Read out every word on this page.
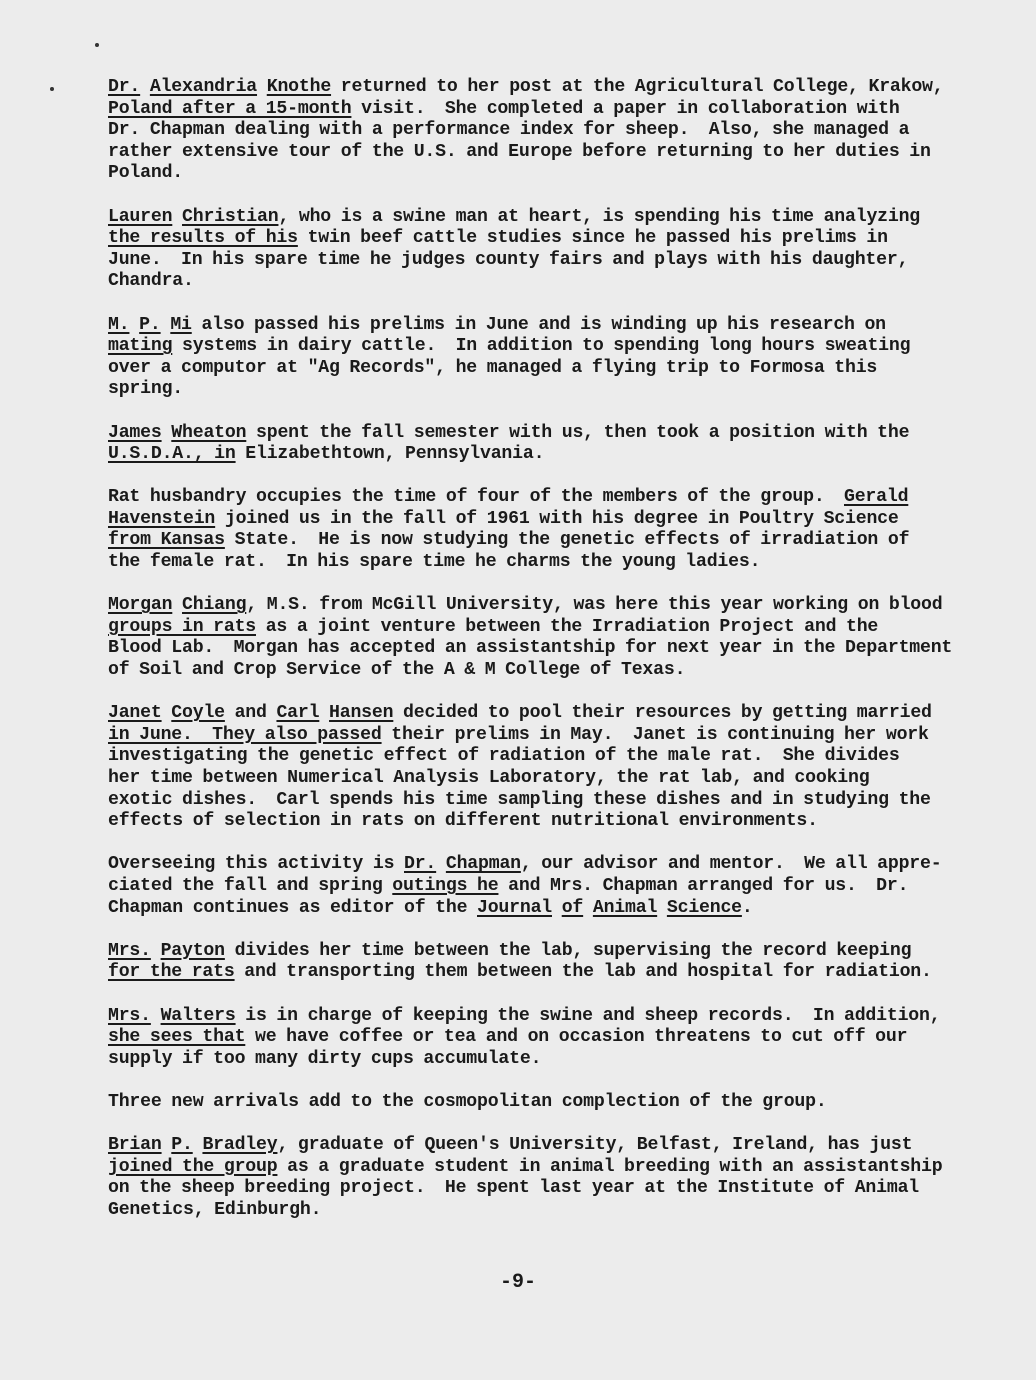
Dr. Alexandria Knothe returned to her post at the Agricultural College, Krakow,
Poland after a 15-month visit.  She completed a paper in collaboration with
Dr. Chapman dealing with a performance index for sheep.  Also, she managed a
rather extensive tour of the U.S. and Europe before returning to her duties in
Poland.
Lauren Christian, who is a swine man at heart, is spending his time analyzing
the results of his twin beef cattle studies since he passed his prelims in
June.  In his spare time he judges county fairs and plays with his daughter,
Chandra.
M. P. Mi also passed his prelims in June and is winding up his research on
mating systems in dairy cattle.  In addition to spending long hours sweating
over a computor at "Ag Records", he managed a flying trip to Formosa this
spring.
James Wheaton spent the fall semester with us, then took a position with the
U.S.D.A., in Elizabethtown, Pennsylvania.
Rat husbandry occupies the time of four of the members of the group.  Gerald
Havenstein joined us in the fall of 1961 with his degree in Poultry Science
from Kansas State.  He is now studying the genetic effects of irradiation of
the female rat.  In his spare time he charms the young ladies.
Morgan Chiang, M.S. from McGill University, was here this year working on blood
groups in rats as a joint venture between the Irradiation Project and the
Blood Lab.  Morgan has accepted an assistantship for next year in the Department
of Soil and Crop Service of the A & M College of Texas.
Janet Coyle and Carl Hansen decided to pool their resources by getting married
in June.  They also passed their prelims in May.  Janet is continuing her work
investigating the genetic effect of radiation of the male rat.  She divides
her time between Numerical Analysis Laboratory, the rat lab, and cooking
exotic dishes.  Carl spends his time sampling these dishes and in studying the
effects of selection in rats on different nutritional environments.
Overseeing this activity is Dr. Chapman, our advisor and mentor.  We all appre-
ciated the fall and spring outings he and Mrs. Chapman arranged for us.  Dr.
Chapman continues as editor of the Journal of Animal Science.
Mrs. Payton divides her time between the lab, supervising the record keeping
for the rats and transporting them between the lab and hospital for radiation.
Mrs. Walters is in charge of keeping the swine and sheep records.  In addition,
she sees that we have coffee or tea and on occasion threatens to cut off our
supply if too many dirty cups accumulate.
Three new arrivals add to the cosmopolitan complection of the group.
Brian P. Bradley, graduate of Queen's University, Belfast, Ireland, has just
joined the group as a graduate student in animal breeding with an assistantship
on the sheep breeding project.  He spent last year at the Institute of Animal
Genetics, Edinburgh.
-9-
